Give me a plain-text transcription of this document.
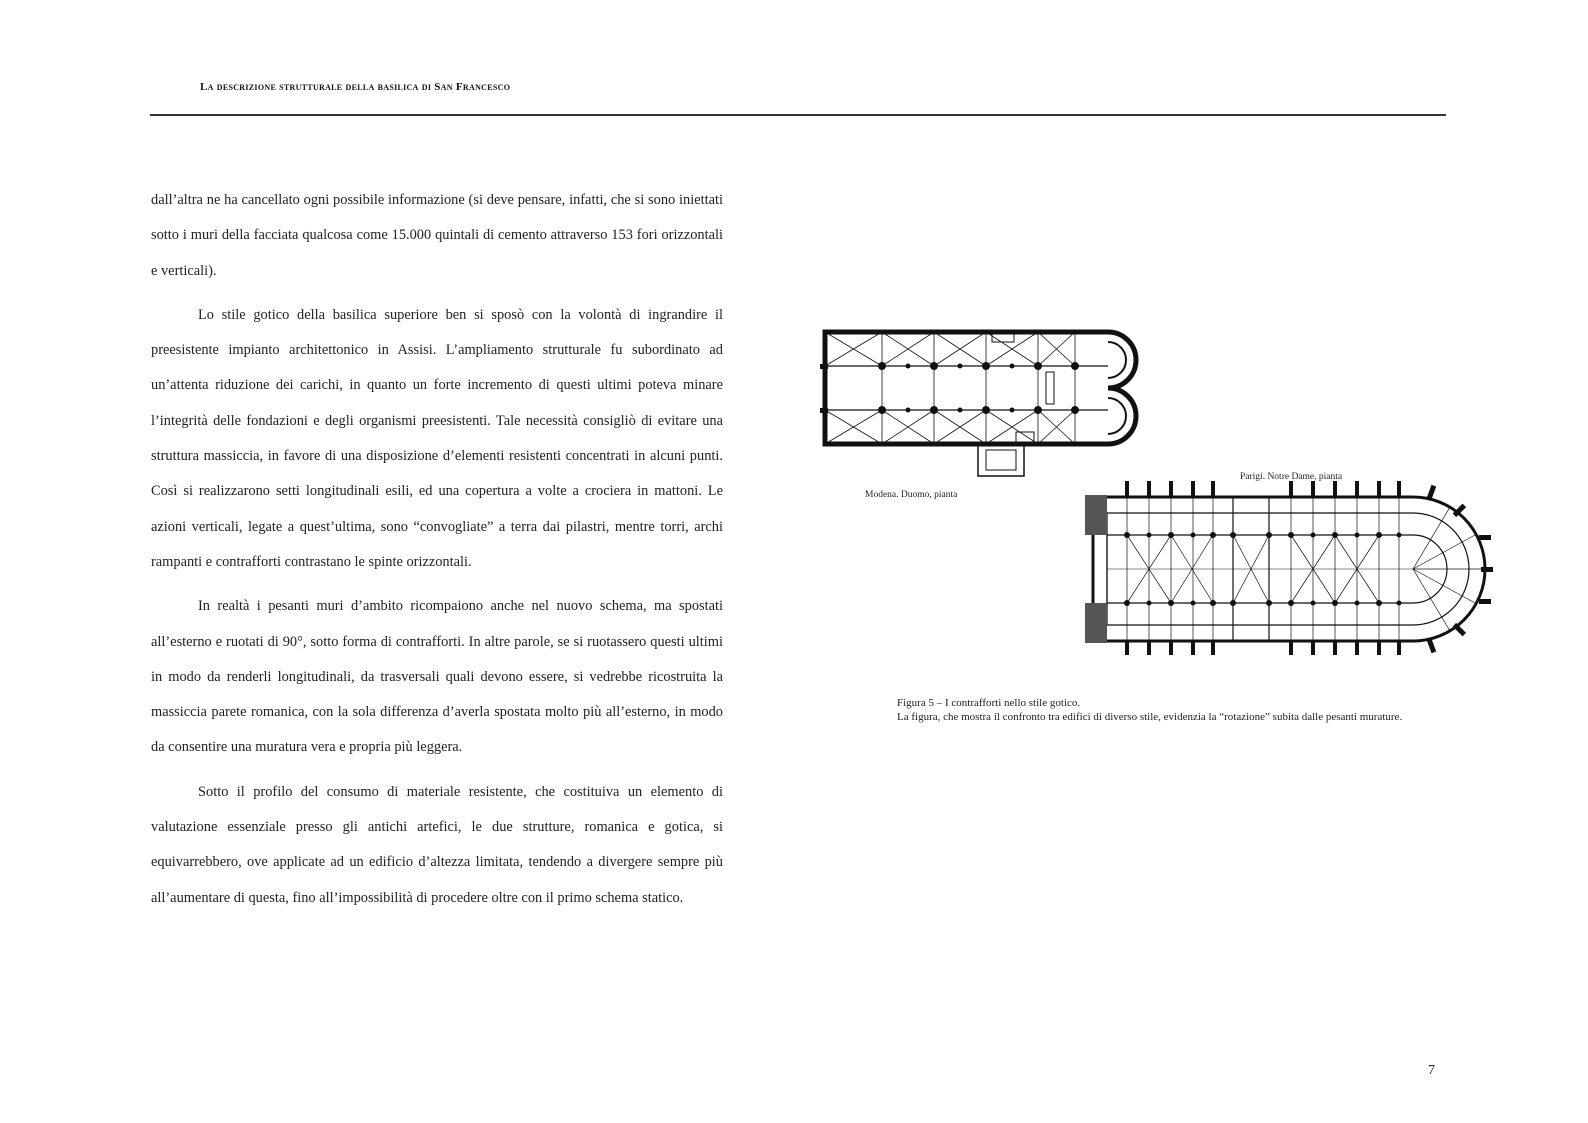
La descrizione strutturale della basilica di San Francesco

dall’altra ne ha cancellato ogni possibile informazione (si deve pensare, infatti, che si sono iniettati sotto i muri della facciata qualcosa come 15.000 quintali di cemento attraverso 153 fori orizzontali e verticali).

Lo stile gotico della basilica superiore ben si sposò con la volontà di ingrandire il preesistente impianto architettonico in Assisi. L’ampliamento strutturale fu subordinato ad un’attenta riduzione dei carichi, in quanto un forte incremento di questi ultimi poteva minare l’integrità delle fondazioni e degli organismi preesistenti. Tale necessità consigliò di evitare una struttura massiccia, in favore di una disposizione d’elementi resistenti concentrati in alcuni punti. Così si realizzarono setti longitudinali esili, ed una copertura a volte a crociera in mattoni. Le azioni verticali, legate a quest’ultima, sono “convogliate” a terra dai pilastri, mentre torri, archi rampanti e contrafforti contrastano le spinte orizzontali.

In realtà i pesanti muri d’ambito ricompaiono anche nel nuovo schema, ma spostati all’esterno e ruotati di 90°, sotto forma di contrafforti. In altre parole, se si ruotassero questi ultimi in modo da renderli longitudinali, da trasversali quali devono essere, si vedrebbe ricostruita la massiccia parete romanica, con la sola differenza d’averla spostata molto più all’esterno, in modo da consentire una muratura vera e propria più leggera.

Sotto il profilo del consumo di materiale resistente, che costituiva un elemento di valutazione essenziale presso gli antichi artefici, le due strutture, romanica e gotica, si equivarrebbero, ove applicate ad un edificio d’altezza limitata, tendendo a divergere sempre più all’aumentare di questa, fino all’impossibilità di procedere oltre con il primo schema statico.

Modena. Duomo, pianta
Parigi. Notre Dame, pianta
Figura 5 – I contrafforti nello stile gotico.
La figura, che mostra il confronto tra edifici di diverso stile, evidenzia la “rotazione” subita dalle pesanti murature.
7
